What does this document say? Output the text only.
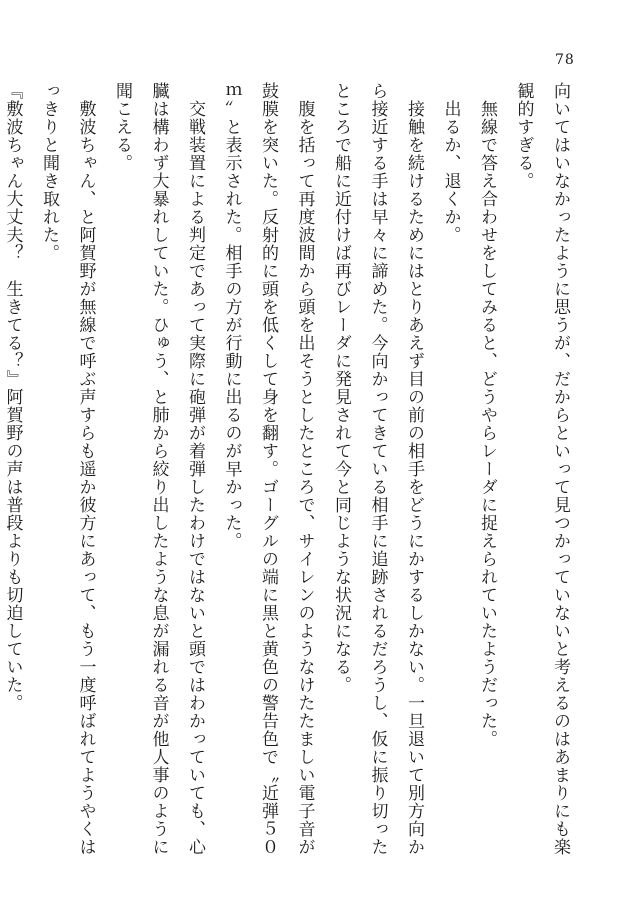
78
向いてはいなかったように思うが、だからといって見つかっていないと考えるのはあまりにも楽
観的すぎる。
　無線で答え合わせをしてみると、どうやらレーダに捉えられていたようだった。
　出るか、退くか。
　接触を続けるためにはとりあえず目の前の相手をどうにかするしかない。一旦退いて別方向か
ら接近する手は早々に諦めた。今向かってきている相手に追跡されるだろうし、仮に振り切った
ところで船に近付けば再びレーダに発見されて今と同じような状況になる。
　腹を括って再度波間から頭を出そうとしたところで、サイレンのようなけたたましい電子音が
鼓膜を突いた。反射的に頭を低くして身を翻す。ゴーグルの端に黒と黄色の警告色で〝近弾５０
ｍ〟と表示された。相手の方が行動に出るのが早かった。
　交戦装置による判定であって実際に砲弾が着弾したわけではないと頭ではわかっていても、心
臓は構わず大暴れしていた。ひゅう、と肺から絞り出したような息が漏れる音が他人事のように
聞こえる。
　敷波ちゃん、と阿賀野が無線で呼ぶ声すらも遥か彼方にあって、もう一度呼ばれてようやくは
っきりと聞き取れた。
『敷波ちゃん大丈夫？　生きてる？』阿賀野の声は普段よりも切迫していた。
